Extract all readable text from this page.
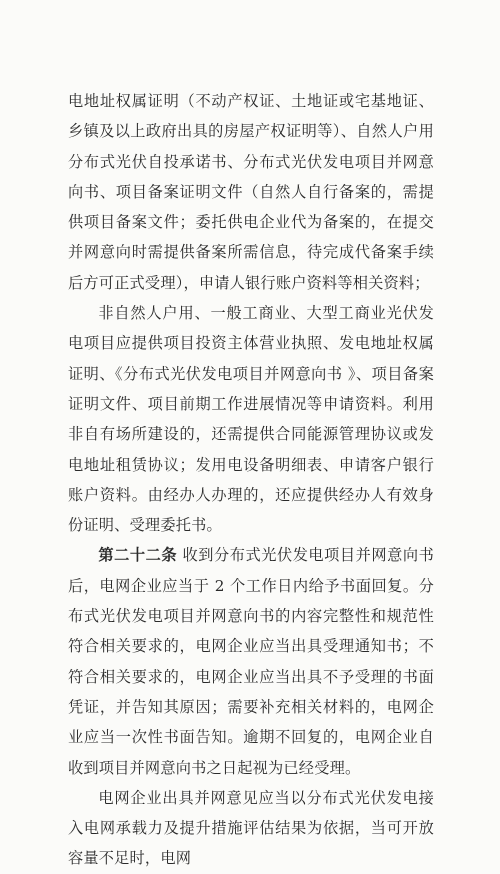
电地址权属证明（不动产权证、土地证或宅基地证、乡镇及以上政府出具的房屋产权证明等）、自然人户用分布式光伏自投承诺书、分布式光伏发电项目并网意向书、项目备案证明文件（自然人自行备案的，需提供项目备案文件；委托供电企业代为备案的，在提交并网意向时需提供备案所需信息，待完成代备案手续后方可正式受理），申请人银行账户资料等相关资料；

非自然人户用、一般工商业、大型工商业光伏发电项目应提供项目投资主体营业执照、发电地址权属证明、《分布式光伏发电项目并网意向书 》、项目备案证明文件、项目前期工作进展情况等申请资料。利用非自有场所建设的，还需提供合同能源管理协议或发电地址租赁协议；发用电设备明细表、申请客户银行账户资料。由经办人办理的，还应提供经办人有效身份证明、受理委托书。

第二十二条 收到分布式光伏发电项目并网意向书后，电网企业应当于 2 个工作日内给予书面回复。分布式光伏发电项目并网意向书的内容完整性和规范性符合相关要求的，电网企业应当出具受理通知书；不符合相关要求的，电网企业应当出具不予受理的书面凭证，并告知其原因；需要补充相关材料的，电网企业应当一次性书面告知。逾期不回复的，电网企业自收到项目并网意向书之日起视为已经受理。

电网企业出具并网意见应当以分布式光伏发电接入电网承载力及提升措施评估结果为依据，当可开放容量不足时，电网
